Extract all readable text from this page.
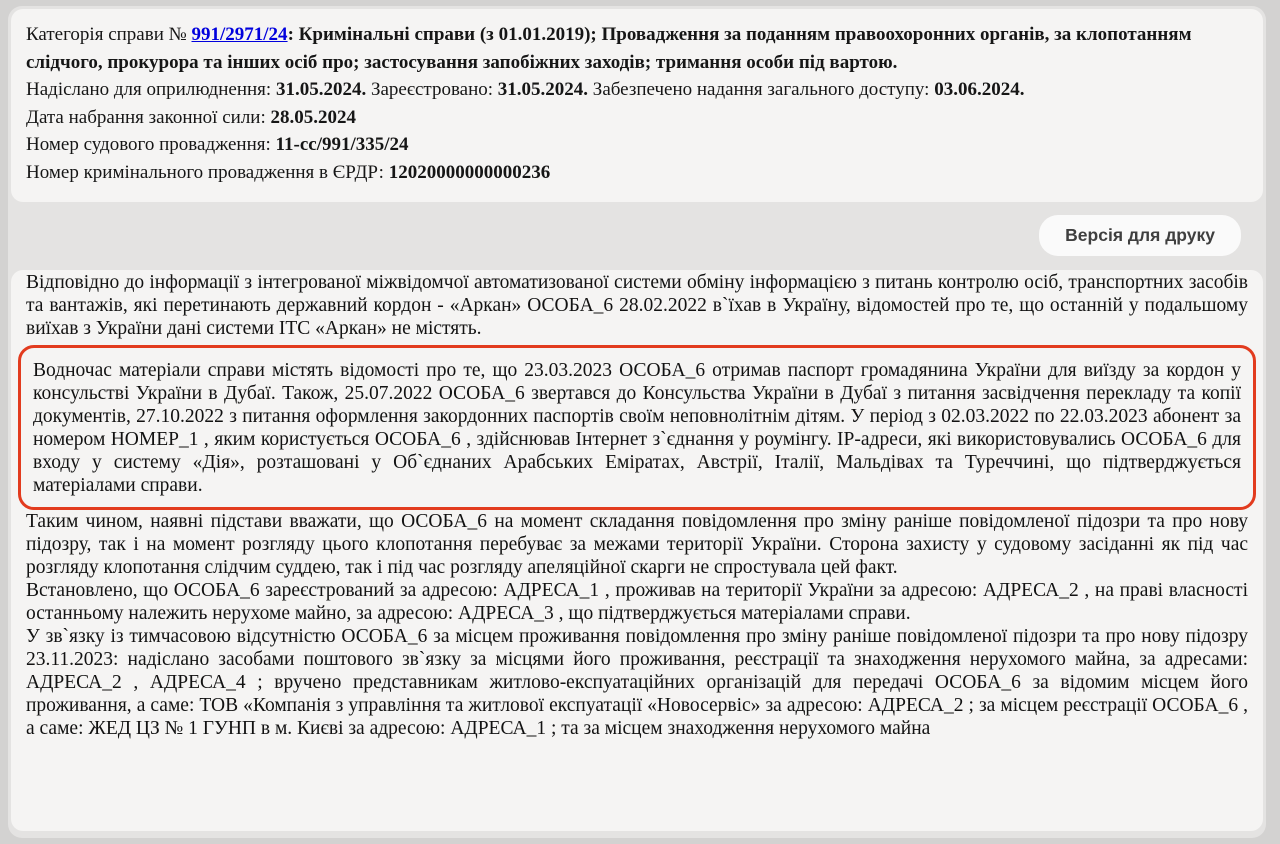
Категорія справи № 991/2971/24: Кримінальні справи (з 01.01.2019); Провадження за поданням правоохоронних органів, за клопотанням слідчого, прокурора та інших осіб про; застосування запобіжних заходів; тримання особи під вартою.
Надіслано для оприлюднення: 31.05.2024. Зареєстровано: 31.05.2024. Забезпечено надання загального доступу: 03.06.2024.
Дата набрання законної сили: 28.05.2024
Номер судового провадження: 11-сс/991/335/24
Номер кримінального провадження в ЄРДР: 12020000000000236
Версія для друку

Відповідно до інформації з інтегрованої міжвідомчої автоматизованої системи обміну інформацією з питань контролю осіб, транспортних засобів та вантажів, які перетинають державний кордон - «Аркан» ОСОБА_6 28.02.2022 в`їхав в Україну, відомостей про те, що останній у подальшому виїхав з України дані системи ІТС «Аркан» не містять.

Водночас матеріали справи містять відомості про те, що 23.03.2023 ОСОБА_6 отримав паспорт громадянина України для виїзду за кордон у консульстві України в Дубаї. Також, 25.07.2022 ОСОБА_6 звертався до Консульства України в Дубаї з питання засвідчення перекладу та копії документів, 27.10.2022 з питання оформлення закордонних паспортів своїм неповнолітнім дітям. У період з 02.03.2022 по 22.03.2023 абонент за номером НОМЕР_1 , яким користується ОСОБА_6 , здійснював Інтернет з`єднання у роумінгу. ІР-адреси, які використовувались ОСОБА_6 для входу у систему «Дія», розташовані у Об`єднаних Арабських Еміратах, Австрії, Італії, Мальдівах та Туреччині, що підтверджується матеріалами справи.

Таким чином, наявні підстави вважати, що ОСОБА_6 на момент складання повідомлення про зміну раніше повідомленої підозри та про нову підозру, так і на момент розгляду цього клопотання перебуває за межами території України. Сторона захисту у судовому засіданні як під час розгляду клопотання слідчим суддею, так і під час розгляду апеляційної скарги не спростувала цей факт.

Встановлено, що ОСОБА_6 зареєстрований за адресою: АДРЕСА_1 , проживав на території України за адресою: АДРЕСА_2 , на праві власності останньому належить нерухоме майно, за адресою: АДРЕСА_3 , що підтверджується матеріалами справи.

У зв`язку із тимчасовою відсутністю ОСОБА_6 за місцем проживання повідомлення про зміну раніше повідомленої підозри та про нову підозру 23.11.2023: надіслано засобами поштового зв`язку за місцями його проживання, реєстрації та знаходження нерухомого майна, за адресами: АДРЕСА_2 , АДРЕСА_4 ; вручено представникам житлово-експуатаційних організацій для передачі ОСОБА_6 за відомим місцем його проживання, а саме: ТОВ «Компанія з управління та житлової експуатації «Новосервіс» за адресою: АДРЕСА_2 ; за місцем реєстрації ОСОБА_6 , а саме: ЖЕД ЦЗ № 1 ГУНП в м. Києві за адресою: АДРЕСА_1 ; та за місцем знаходження нерухомого майна
